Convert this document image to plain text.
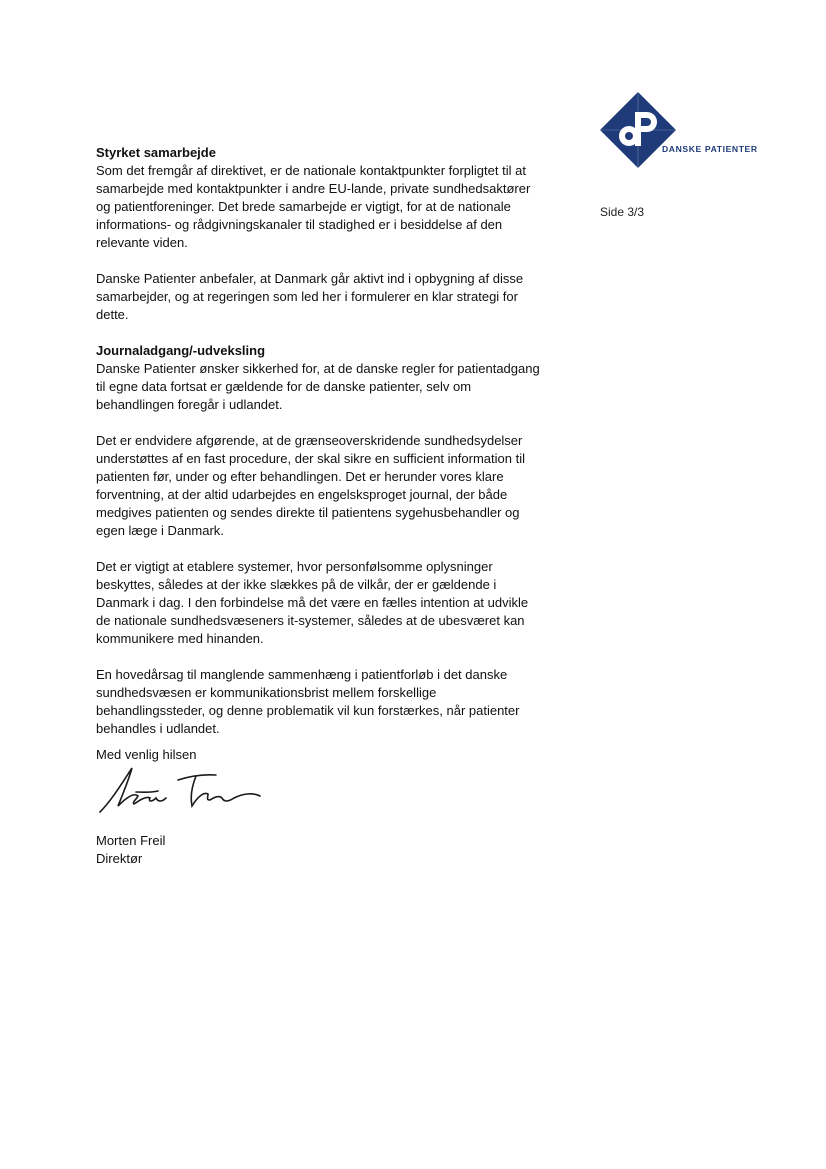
DANSKE PATIENTER
Side 3/3
Styrket samarbejde

Som det fremgår af direktivet, er de nationale kontaktpunkter forpligtet til at samarbejde med kontaktpunkter i andre EU-lande, private sundhedsaktører og patientforeninger. Det brede samarbejde er vigtigt, for at de nationale informations- og rådgivningskanaler til stadighed er i besiddelse af den relevante viden.

Danske Patienter anbefaler, at Danmark går aktivt ind i opbygning af disse samarbejder, og at regeringen som led her i formulerer en klar strategi for dette.

Journaladgang/-udveksling

Danske Patienter ønsker sikkerhed for, at de danske regler for patientadgang til egne data fortsat er gældende for de danske patienter, selv om behandlingen foregår i udlandet.

Det er endvidere afgørende, at de grænseoverskridende sundhedsydelser understøttes af en fast procedure, der skal sikre en sufficient information til patienten før, under og efter behandlingen. Det er herunder vores klare forventning, at der altid udarbejdes en engelsksproget journal, der både medgives patienten og sendes direkte til patientens sygehusbehandler og egen læge i Danmark.

Det er vigtigt at etablere systemer, hvor personfølsomme oplysninger beskyttes, således at der ikke slækkes på de vilkår, der er gældende i Danmark i dag. I den forbindelse må det være en fælles intention at udvikle de nationale sundhedsvæseners it-systemer, således at de ubesværet kan kommunikere med hinanden.

En hovedårsag til manglende sammenhæng i patientforløb i det danske sundhedsvæsen er kommunikationsbrist mellem forskellige behandlingssteder, og denne problematik vil kun forstærkes, når patienter behandles i udlandet.

Med venlig hilsen
Morten Freil
Direktør
